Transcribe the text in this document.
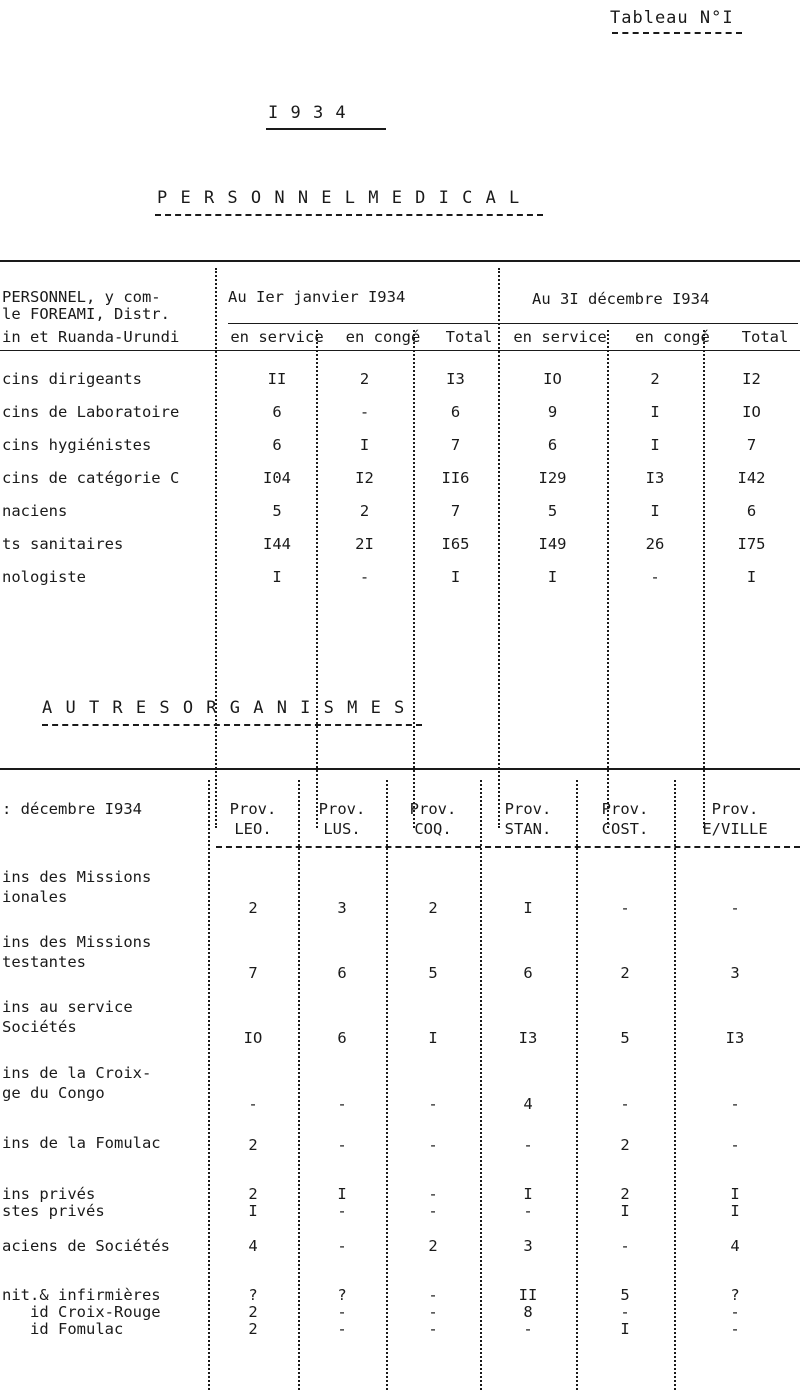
Tableau N°I
I 9 3 4
P E R S O N N E L M E D I C A L
PERSONNEL, y com-
le FOREAMI, Distr.
in et Ruanda-Urundi
Au Ier janvier I934	Au 3I décembre I934
en service	en congé	Total	en service	en congé	Total
cins dirigeants	II	2	I3	IO	2	I2
cins de Laboratoire	6	-	6	9	I	IO
cins hygiénistes	6	I	7	6	I	7
cins de catégorie C	I04	I2	II6	I29	I3	I42
naciens	5	2	7	5	I	6
ts sanitaires	I44	2I	I65	I49	26	I75
nologiste	I	-	I	I	-	I
A U T R E S O R G A N I S M E S
: décembre I934	Prov.
LEO.
Prov.
LUS.
Prov.
COQ.
Prov.
STAN.
Prov.
COST.
Prov.
E/VILLE
ins des Missions
ionales
2	3	2	I	-	-
ins des Missions
testantes
7	6	5	6	2	3
ins au service
Sociétés
IO	6	I	I3	5	I3
ins de la Croix-
ge du Congo
-	-	-	4	-	-
ins de la Fomulac	2	-	-	-	2	-
ins privés	2	I	-	I	2	I
stes privés	I	-	-	-	I	I
aciens de Sociétés	4	-	2	3	-	4
nit.& infirmières	?	?	-	II	5	?
id Croix-Rouge	2	-	-	8	-	-
id Fomulac	2	-	-	-	I	-
